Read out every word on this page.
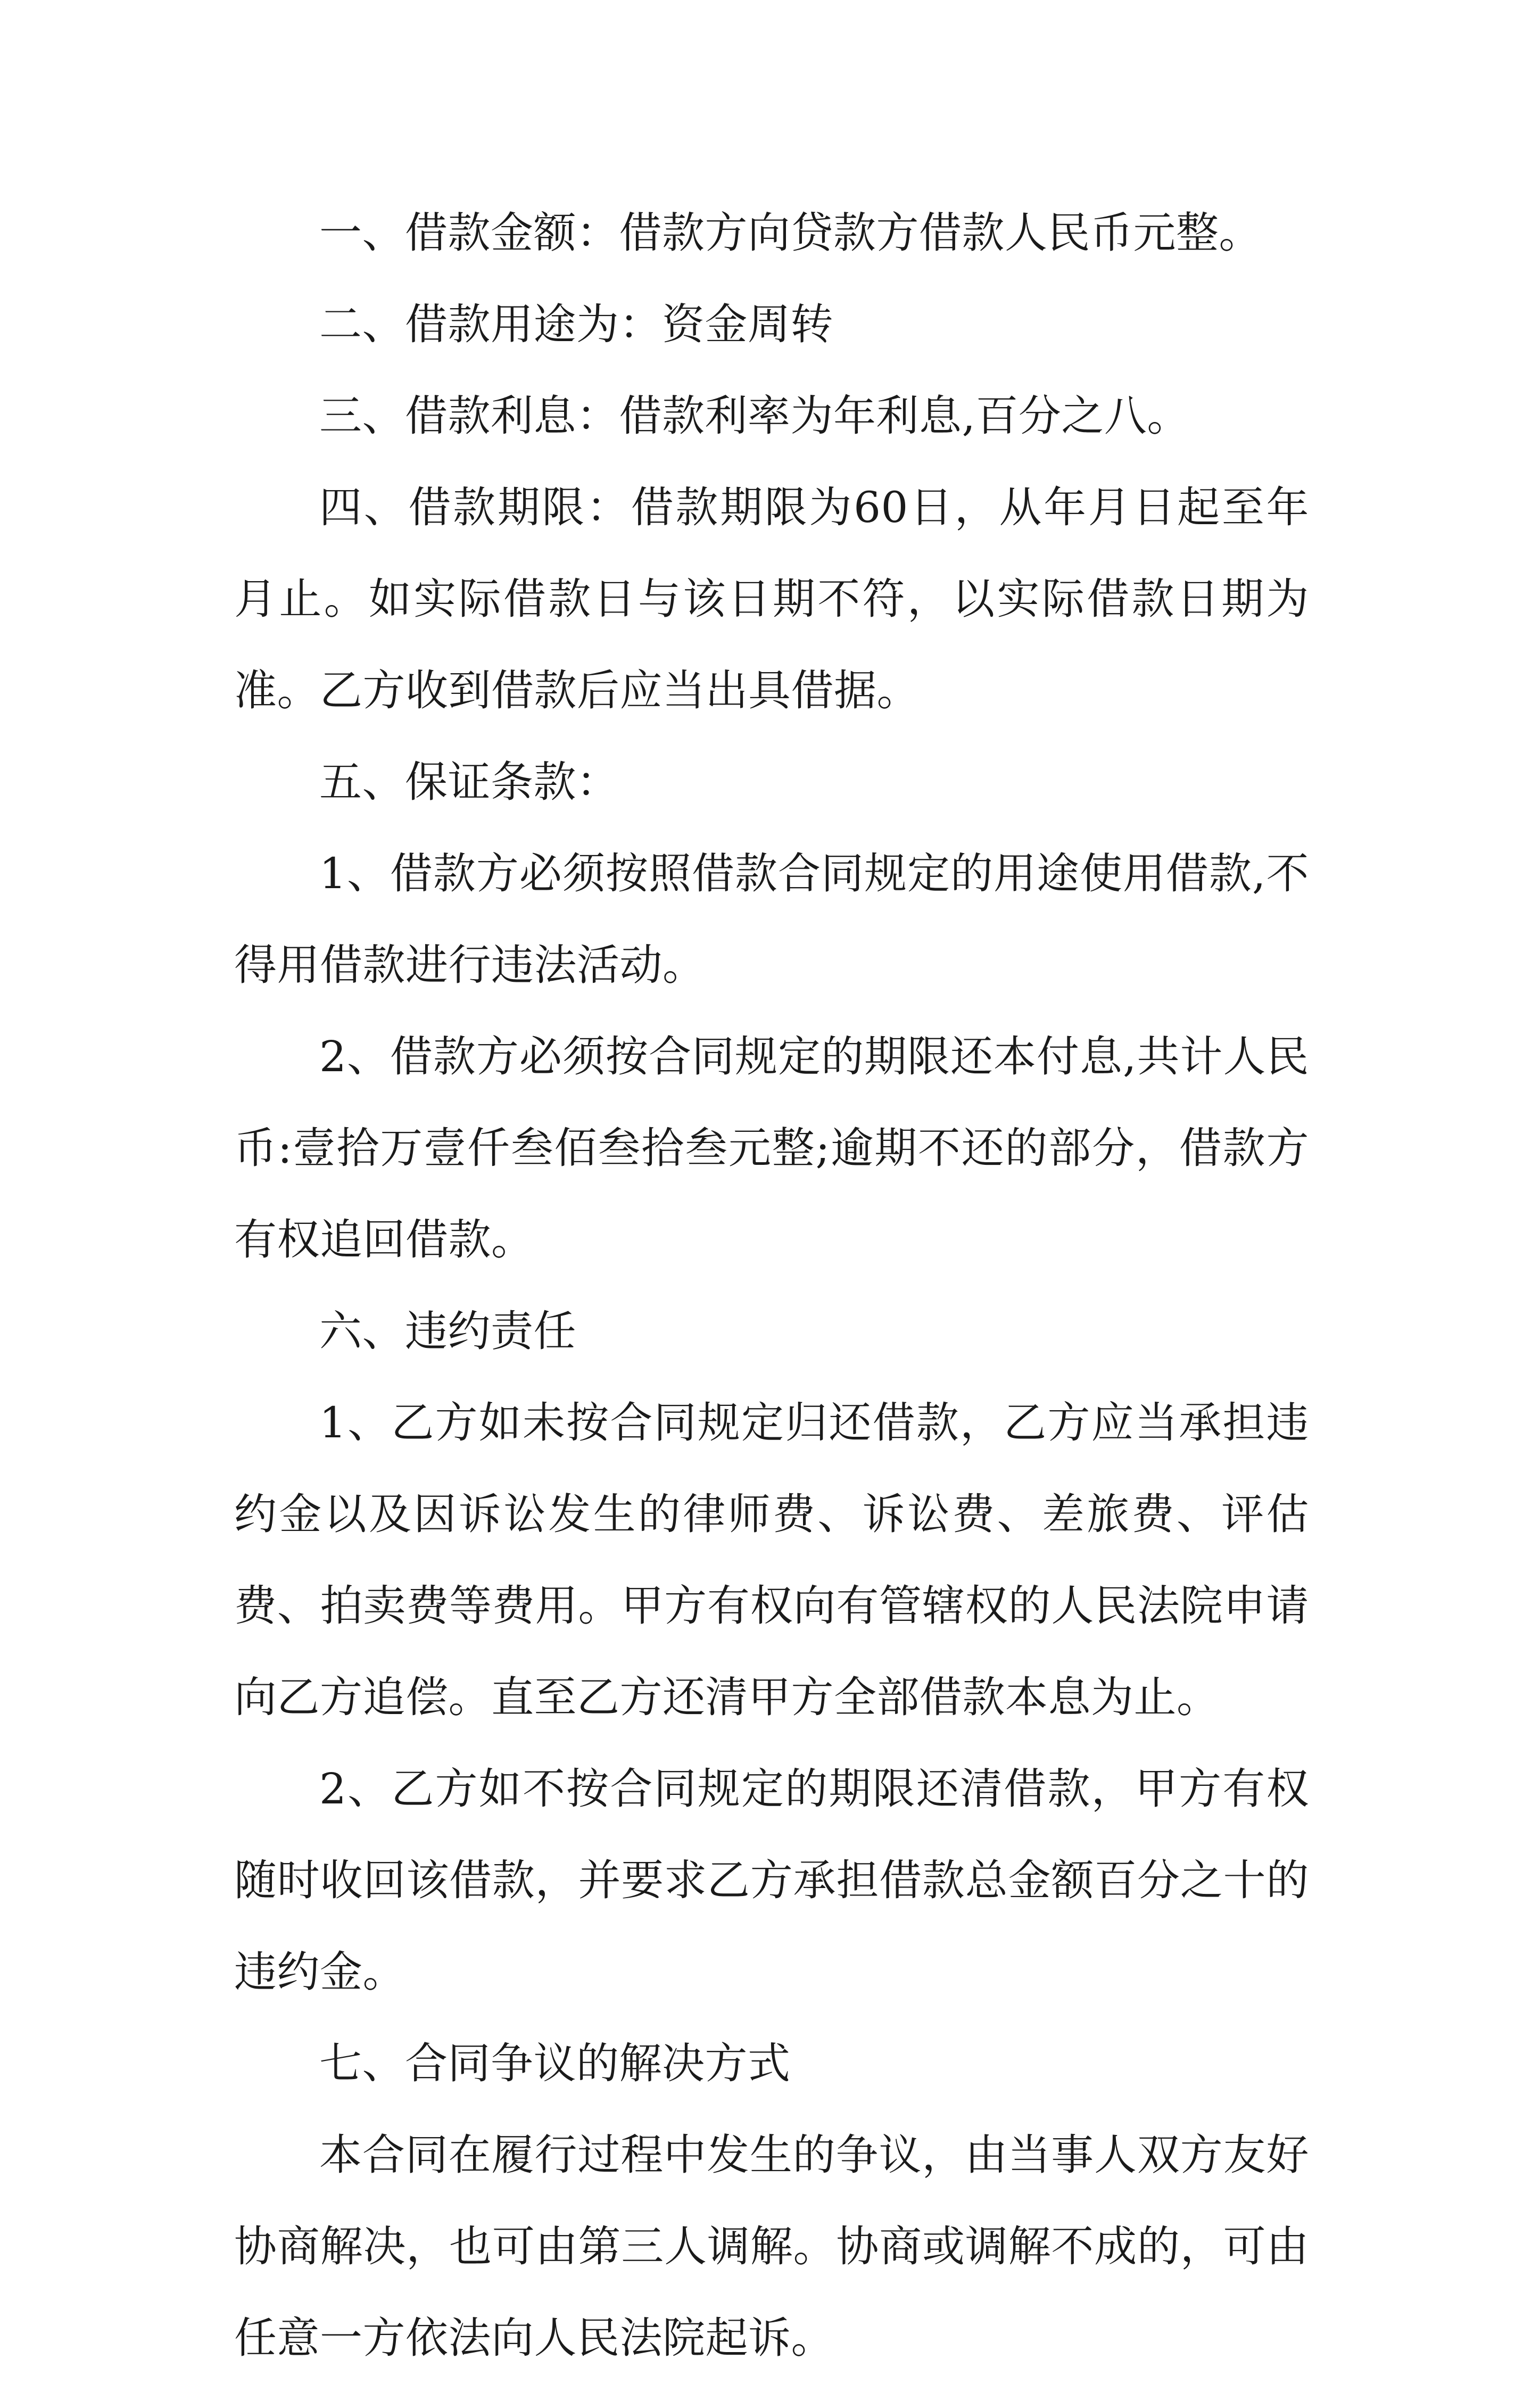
一、借款金额：借款方向贷款方借款人民币元整。

二、借款用途为：资金周转

三、借款利息：借款利率为年利息,百分之八。

四、借款期限：借款期限为60日，从年月日起至年月止。如实际借款日与该日期不符，以实际借款日期为准。乙方收到借款后应当出具借据。

五、保证条款：

1、借款方必须按照借款合同规定的用途使用借款,不得用借款进行违法活动。

2、借款方必须按合同规定的期限还本付息,共计人民币:壹拾万壹仟叁佰叁拾叁元整;逾期不还的部分，借款方有权追回借款。

六、违约责任

1、乙方如未按合同规定归还借款，乙方应当承担违约金以及因诉讼发生的律师费、诉讼费、差旅费、评估费、拍卖费等费用。甲方有权向有管辖权的人民法院申请向乙方追偿。直至乙方还清甲方全部借款本息为止。

2、乙方如不按合同规定的期限还清借款，甲方有权随时收回该借款，并要求乙方承担借款总金额百分之十的违约金。

七、合同争议的解决方式

本合同在履行过程中发生的争议，由当事人双方友好协商解决，也可由第三人调解。协商或调解不成的，可由任意一方依法向人民法院起诉。
